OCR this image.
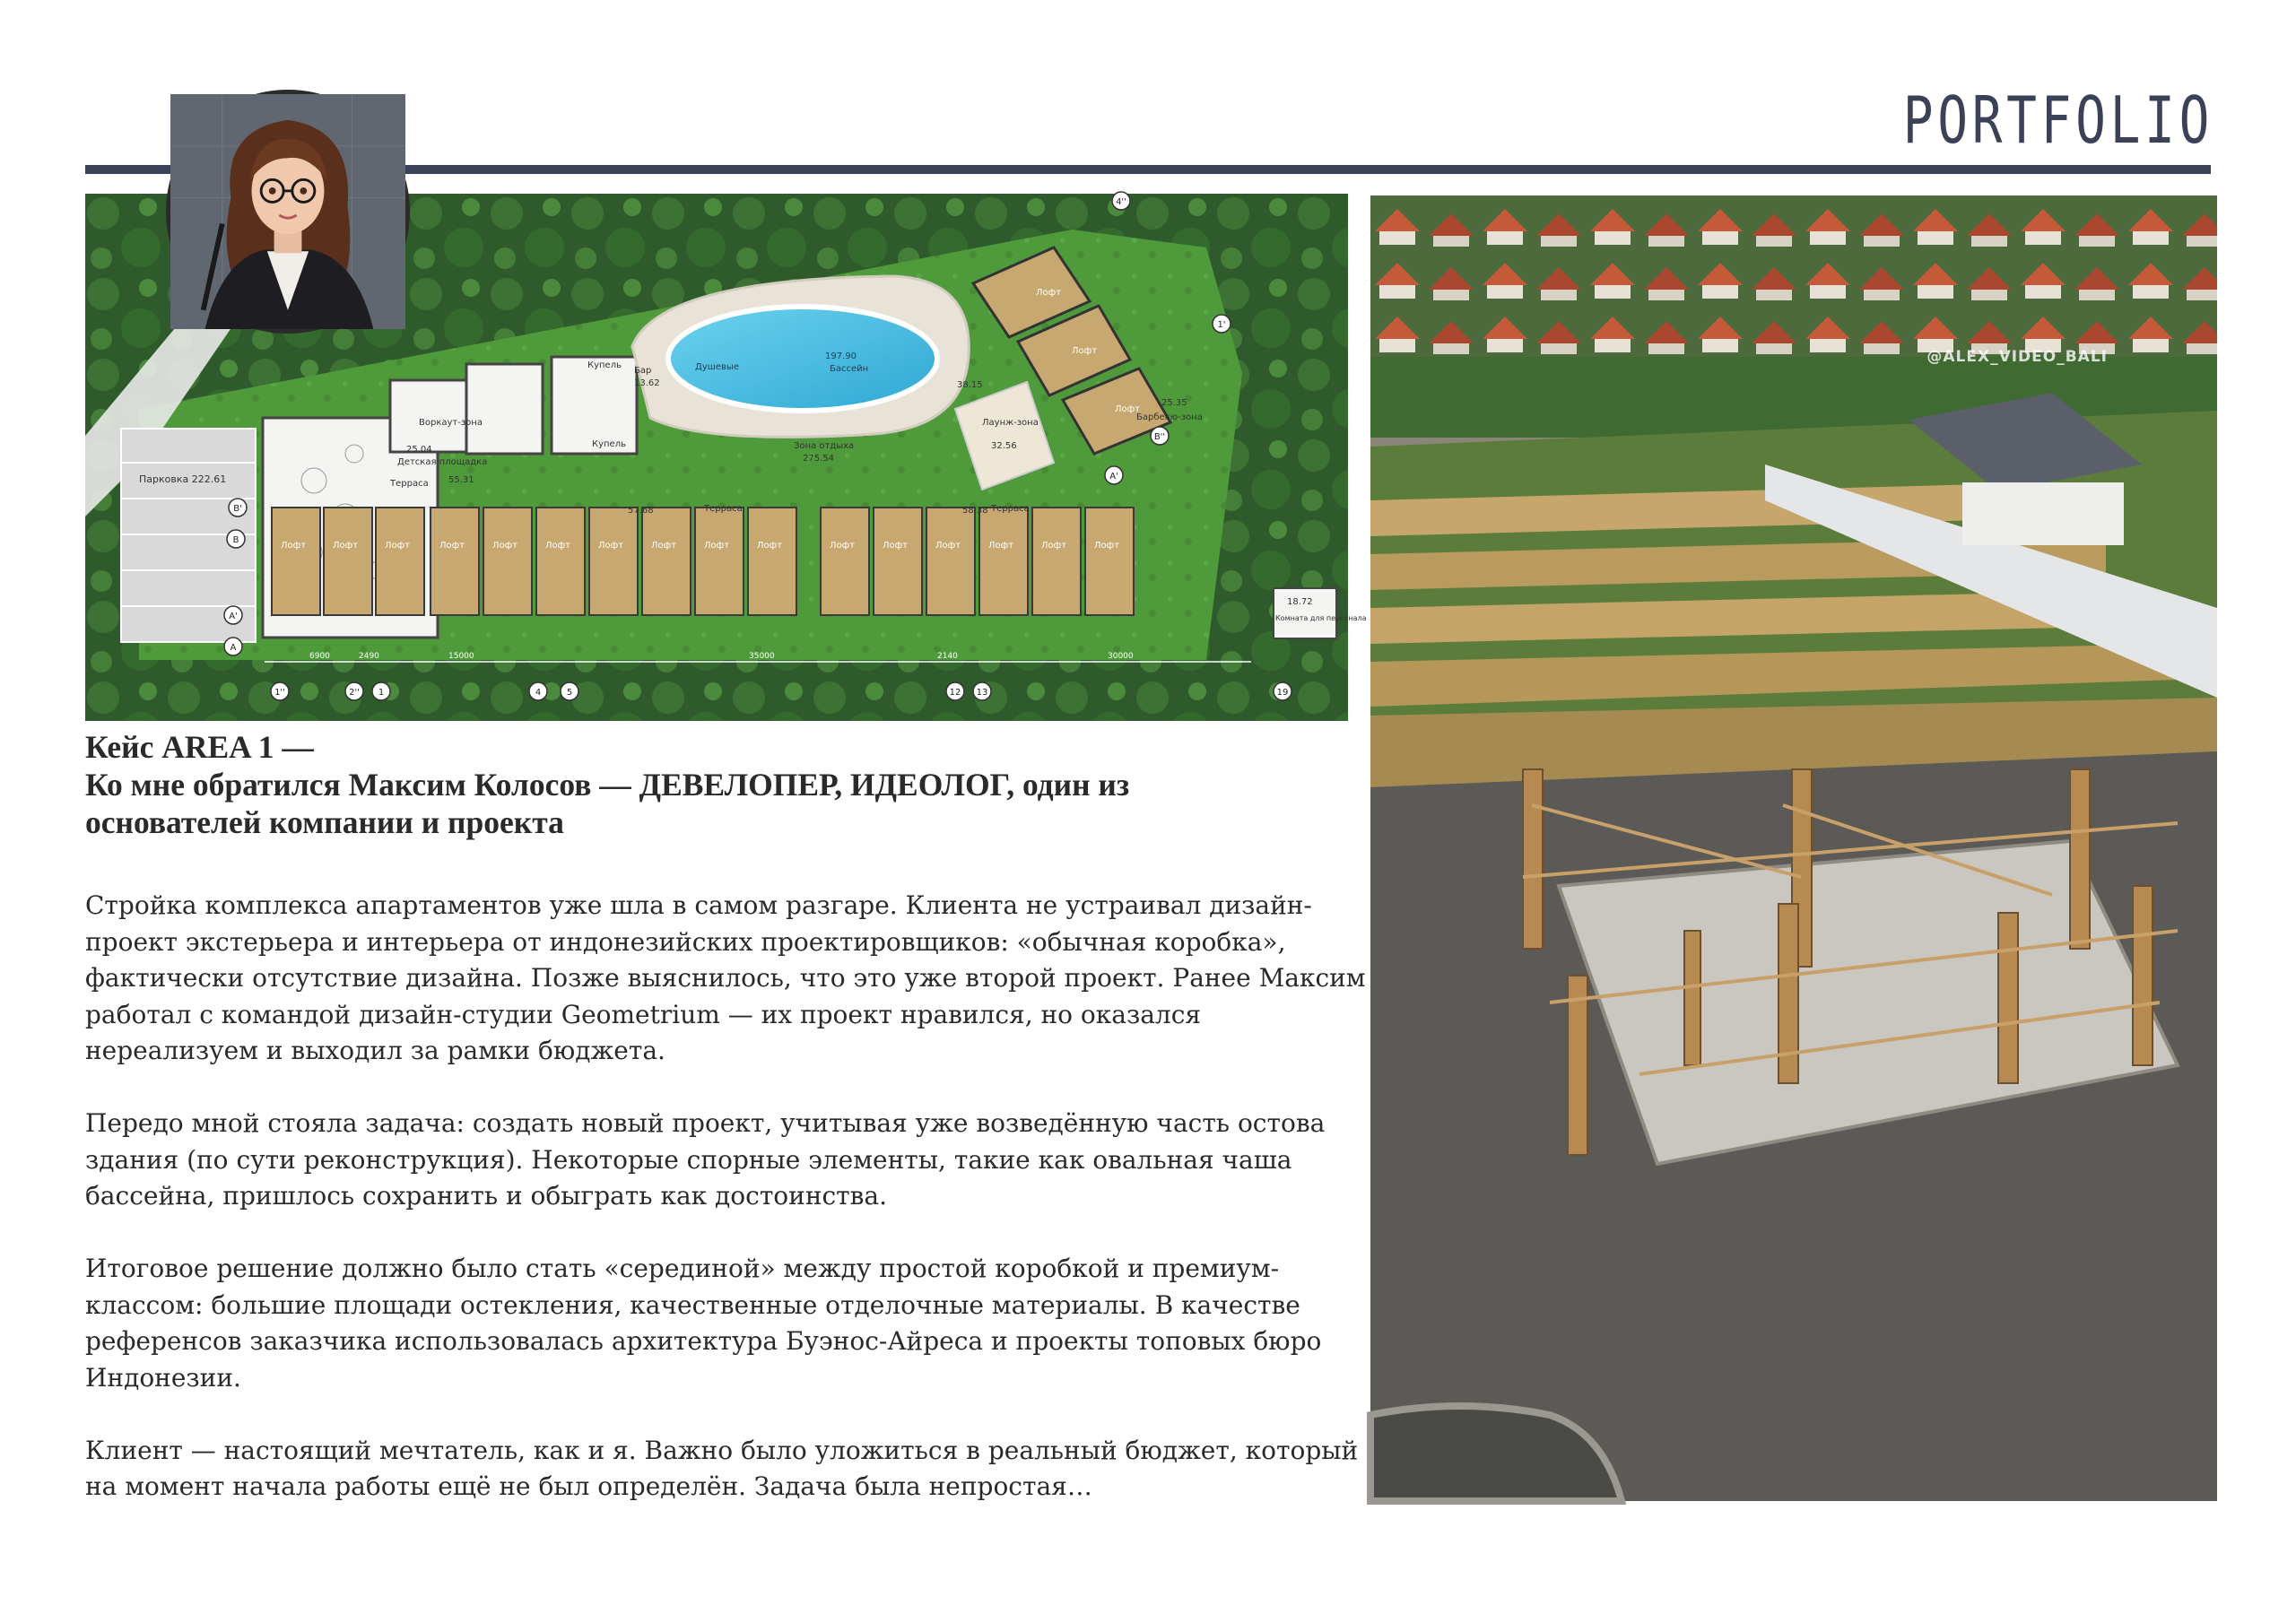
PORTFOLIO
Парковка 222.61
Воркаут-зона
25.04
Детская площадка
197.90
Бассейн
Душевые
Бар
13.62
Купель
Купель	Зона отдыха
275.54
Лаунж-зона
32.56
38.15
Лофт
Лофт
Лофт
25.35
Барбекю-зона
Лофт	Лофт	Лофт	Лофт	Лофт	Лофт	Лофт	Лофт	Лофт	Лофт	Лофт	Лофт	Лофт	Лофт	Лофт	Лофт
Терраса
Терраса	Терраса
55.31
57.68	58.38
18.72
Комната для персонала
6900	2490	15000	35000	2140	30000
A'
A
B
B'
A'
B''
1''	2'' 1	4	5	12 13	19
4''
1'
@ALEX_VIDEO_BALI
Кейс AREA 1 —
Ко мне обратился Максим Колосов — ДЕВЕЛОПЕР, ИДЕОЛОГ, один из
основателей компании и проекта

Стройка комплекса апартаментов уже шла в самом разгаре. Клиента не устраивал дизайн-проект экстерьера и интерьера от индонезийских проектировщиков: «обычная коробка», фактически отсутствие дизайна. Позже выяснилось, что это уже второй проект. Ранее Максим работал с командой дизайн-студии Geometrium — их проект нравился, но оказался нереализуем и выходил за рамки бюджета.

Передо мной стояла задача: создать новый проект, учитывая уже возведённую часть остова здания (по сути реконструкция). Некоторые спорные элементы, такие как овальная чаша бассейна, пришлось сохранить и обыграть как достоинства.

Итоговое решение должно было стать «серединой» между простой коробкой и премиум-классом: большие площади остекления, качественные отделочные материалы. В качестве референсов заказчика использовалась архитектура Буэнос-Айреса и проекты топовых бюро Индонезии.

Клиент — настоящий мечтатель, как и я. Важно было уложиться в реальный бюджет, который на момент начала работы ещё не был определён. Задача была непростая…
